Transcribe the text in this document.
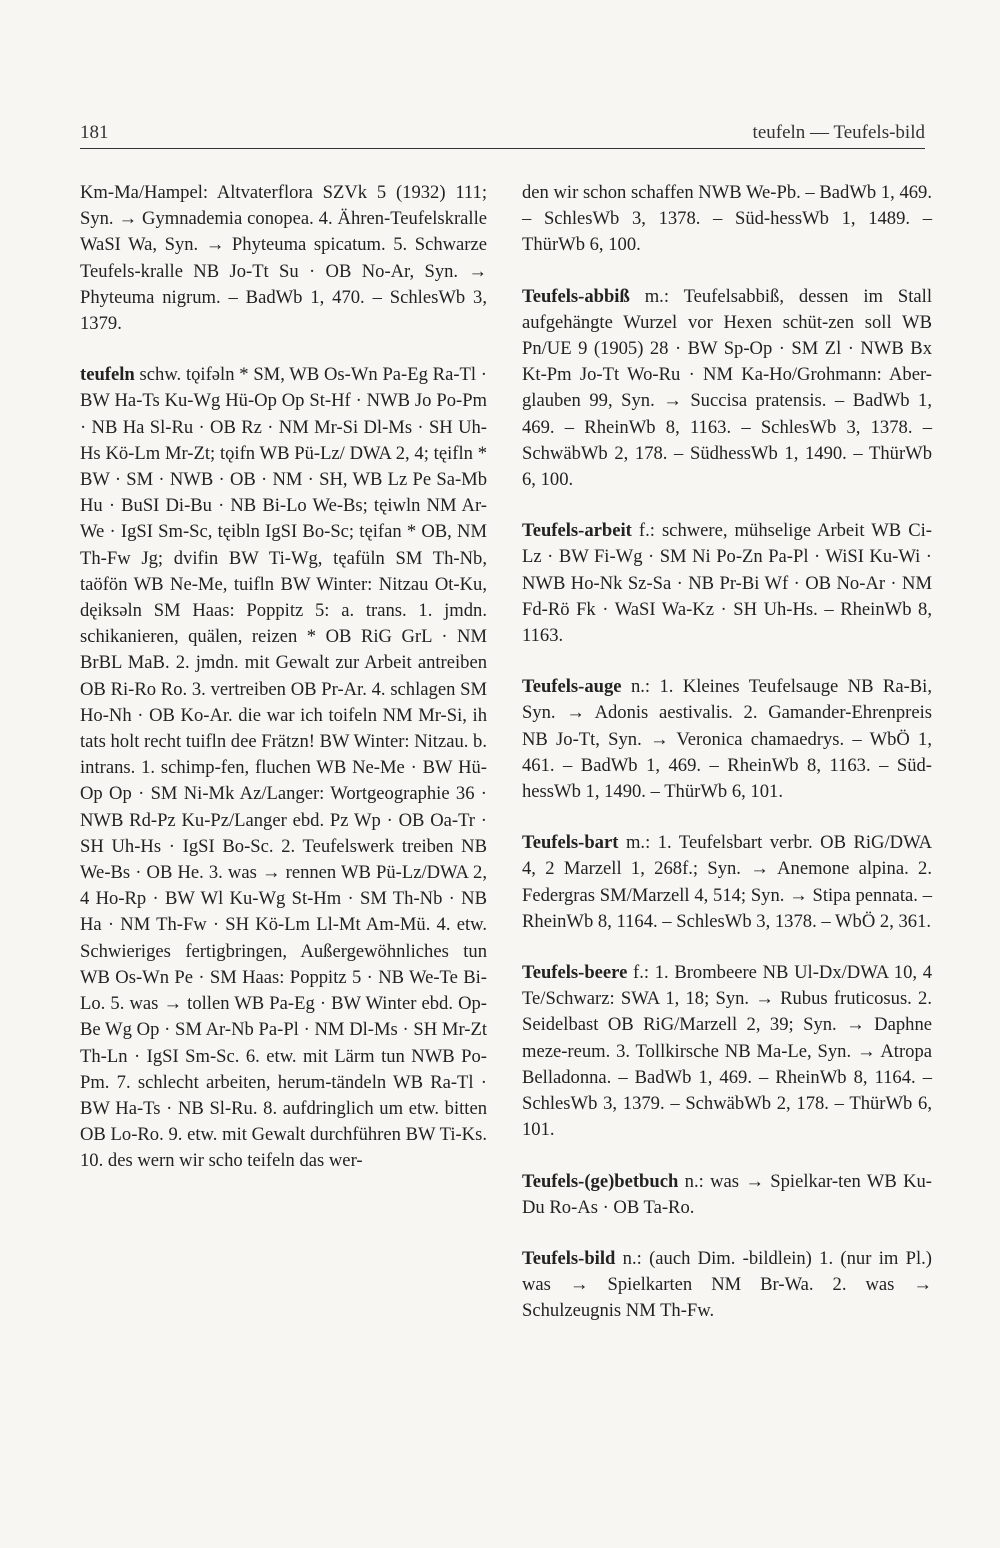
181	teufeln — Teufels-bild

Km-Ma/Hampel: Altvaterflora SZVk 5 (1932) 111; Syn. → Gymnademia conopea. 4. Ähren-Teufelskralle WaSI Wa, Syn. → Phyteuma spicatum. 5. Schwarze Teufels-kralle NB Jo-Tt Su · OB No-Ar, Syn. → Phyteuma nigrum. – BadWb 1, 470. – SchlesWb 3, 1379.

teufeln schw. tǫifəln * SM, WB Os-Wn Pa-Eg Ra-Tl · BW Ha-Ts Ku-Wg Hü-Op Op St-Hf · NWB Jo Po-Pm · NB Ha Sl-Ru · OB Rz · NM Mr-Si Dl-Ms · SH Uh-Hs Kö-Lm Mr-Zt; tǫifn WB Pü-Lz/ DWA 2, 4; tęifln * BW · SM · NWB · OB · NM · SH, WB Lz Pe Sa-Mb Hu · BuSI Di-Bu · NB Bi-Lo We-Bs; tęiwln NM Ar-We · IgSI Sm-Sc, tęibln IgSI Bo-Sc; tęifan * OB, NM Th-Fw Jg; dvifin BW Ti-Wg, tęafüln SM Th-Nb, taöfön WB Ne-Me, tuifln BW Winter: Nitzau Ot-Ku, dęiksəln SM Haas: Poppitz 5: a. trans. 1. jmdn. schikanieren, quälen, reizen * OB RiG GrL · NM BrBL MaB. 2. jmdn. mit Gewalt zur Arbeit antreiben OB Ri-Ro Ro. 3. vertreiben OB Pr-Ar. 4. schlagen SM Ho-Nh · OB Ko-Ar. die war ich toifeln NM Mr-Si, ih tats holt recht tuifln dee Frätzn! BW Winter: Nitzau. b. intrans. 1. schimp-fen, fluchen WB Ne-Me · BW Hü-Op Op · SM Ni-Mk Az/Langer: Wortgeographie 36 · NWB Rd-Pz Ku-Pz/Langer ebd. Pz Wp · OB Oa-Tr · SH Uh-Hs · IgSI Bo-Sc. 2. Teufelswerk treiben NB We-Bs · OB He. 3. was → rennen WB Pü-Lz/DWA 2, 4 Ho-Rp · BW Wl Ku-Wg St-Hm · SM Th-Nb · NB Ha · NM Th-Fw · SH Kö-Lm Ll-Mt Am-Mü. 4. etw. Schwieriges fertigbringen, Außergewöhnliches tun WB Os-Wn Pe · SM Haas: Poppitz 5 · NB We-Te Bi-Lo. 5. was → tollen WB Pa-Eg · BW Winter ebd. Op-Be Wg Op · SM Ar-Nb Pa-Pl · NM Dl-Ms · SH Mr-Zt Th-Ln · IgSI Sm-Sc. 6. etw. mit Lärm tun NWB Po-Pm. 7. schlecht arbeiten, herum-tändeln WB Ra-Tl · BW Ha-Ts · NB Sl-Ru. 8. aufdringlich um etw. bitten OB Lo-Ro. 9. etw. mit Gewalt durchführen BW Ti-Ks. 10. des wern wir scho teifeln das wer-

den wir schon schaffen NWB We-Pb. – BadWb 1, 469. – SchlesWb 3, 1378. – Süd-hessWb 1, 1489. – ThürWb 6, 100.

Teufels-abbiß m.: Teufelsabbiß, dessen im Stall aufgehängte Wurzel vor Hexen schüt-zen soll WB Pn/UE 9 (1905) 28 · BW Sp-Op · SM Zl · NWB Bx Kt-Pm Jo-Tt Wo-Ru · NM Ka-Ho/Grohmann: Aber-glauben 99, Syn. → Succisa pratensis. – BadWb 1, 469. – RheinWb 8, 1163. – SchlesWb 3, 1378. – SchwäbWb 2, 178. – SüdhessWb 1, 1490. – ThürWb 6, 100.

Teufels-arbeit f.: schwere, mühselige Arbeit WB Ci-Lz · BW Fi-Wg · SM Ni Po-Zn Pa-Pl · WiSI Ku-Wi · NWB Ho-Nk Sz-Sa · NB Pr-Bi Wf · OB No-Ar · NM Fd-Rö Fk · WaSI Wa-Kz · SH Uh-Hs. – RheinWb 8, 1163.

Teufels-auge n.: 1. Kleines Teufelsauge NB Ra-Bi, Syn. → Adonis aestivalis. 2. Gamander-Ehrenpreis NB Jo-Tt, Syn. → Veronica chamaedrys. – WbÖ 1, 461. – BadWb 1, 469. – RheinWb 8, 1163. – Süd-hessWb 1, 1490. – ThürWb 6, 101.

Teufels-bart m.: 1. Teufelsbart verbr. OB RiG/DWA 4, 2 Marzell 1, 268f.; Syn. → Anemone alpina. 2. Federgras SM/Marzell 4, 514; Syn. → Stipa pennata. – RheinWb 8, 1164. – SchlesWb 3, 1378. – WbÖ 2, 361.

Teufels-beere f.: 1. Brombeere NB Ul-Dx/DWA 10, 4 Te/Schwarz: SWA 1, 18; Syn. → Rubus fruticosus. 2. Seidelbast OB RiG/Marzell 2, 39; Syn. → Daphne meze-reum. 3. Tollkirsche NB Ma-Le, Syn. → Atropa Belladonna. – BadWb 1, 469. – RheinWb 8, 1164. – SchlesWb 3, 1379. – SchwäbWb 2, 178. – ThürWb 6, 101.

Teufels-(ge)betbuch n.: was → Spielkar-ten WB Ku-Du Ro-As · OB Ta-Ro.

Teufels-bild n.: (auch Dim. -bildlein) 1. (nur im Pl.) was → Spielkarten NM Br-Wa. 2. was → Schulzeugnis NM Th-Fw.
